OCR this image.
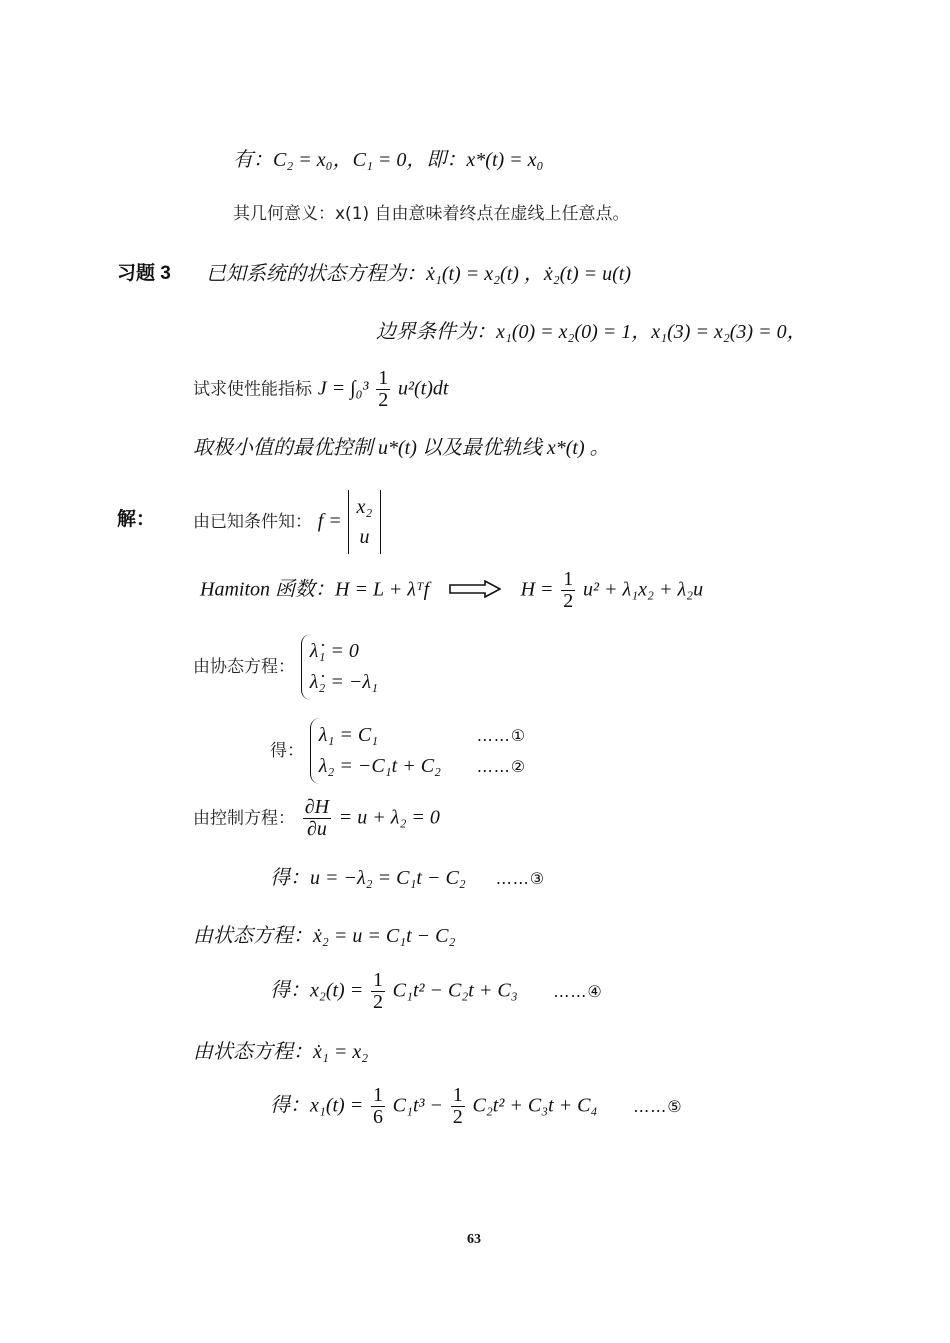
有：C₂ = x₀，C₁ = 0，即：x*(t) = x₀
其几何意义：x(1) 自由意味着终点在虚线上任意点。
习题 3 已知系统的状态方程为：ẋ₁(t) = x₂(t) ，ẋ₂(t) = u(t)
边界条件为：x₁(0) = x₂(0) = 1，x₁(3) = x₂(3) = 0，
试求使性能指标 $J = \int_0^3 \frac{1}{2} u^2(t)dt$
取极小值的最优控制 u*(t) 以及最优轨线 x*(t) 。
解： 由已知条件知： f =
x₂
u
Hamiton 函数：H = L + λᵀf	$H = \frac{1}{2} u^2 + \lambda_1x_2 + \lambda_2u$
由协态方程：
λ̇₁ = 0
λ̇₂ = −λ₁
得：
λ₁ = C₁	……①
λ₂ = −C₁t + C₂ ……②
由控制方程： $\frac{\partial H}{\partial u} = u + \lambda_2 = 0$
得：u = −λ₂ = C₁t − C₂ ……③
由状态方程：ẋ₂ = u = C₁t − C₂
得：$x_2(t) = \frac{1}{2} C_1t^2 - C_2t + C_3$ ……④
由状态方程：ẋ₁ = x₂
得：$x_1(t) = \frac{1}{6} C_1t^3 - \frac{1}{2} C_2t^2 + C_3t + C_4$ ……⑤
63
